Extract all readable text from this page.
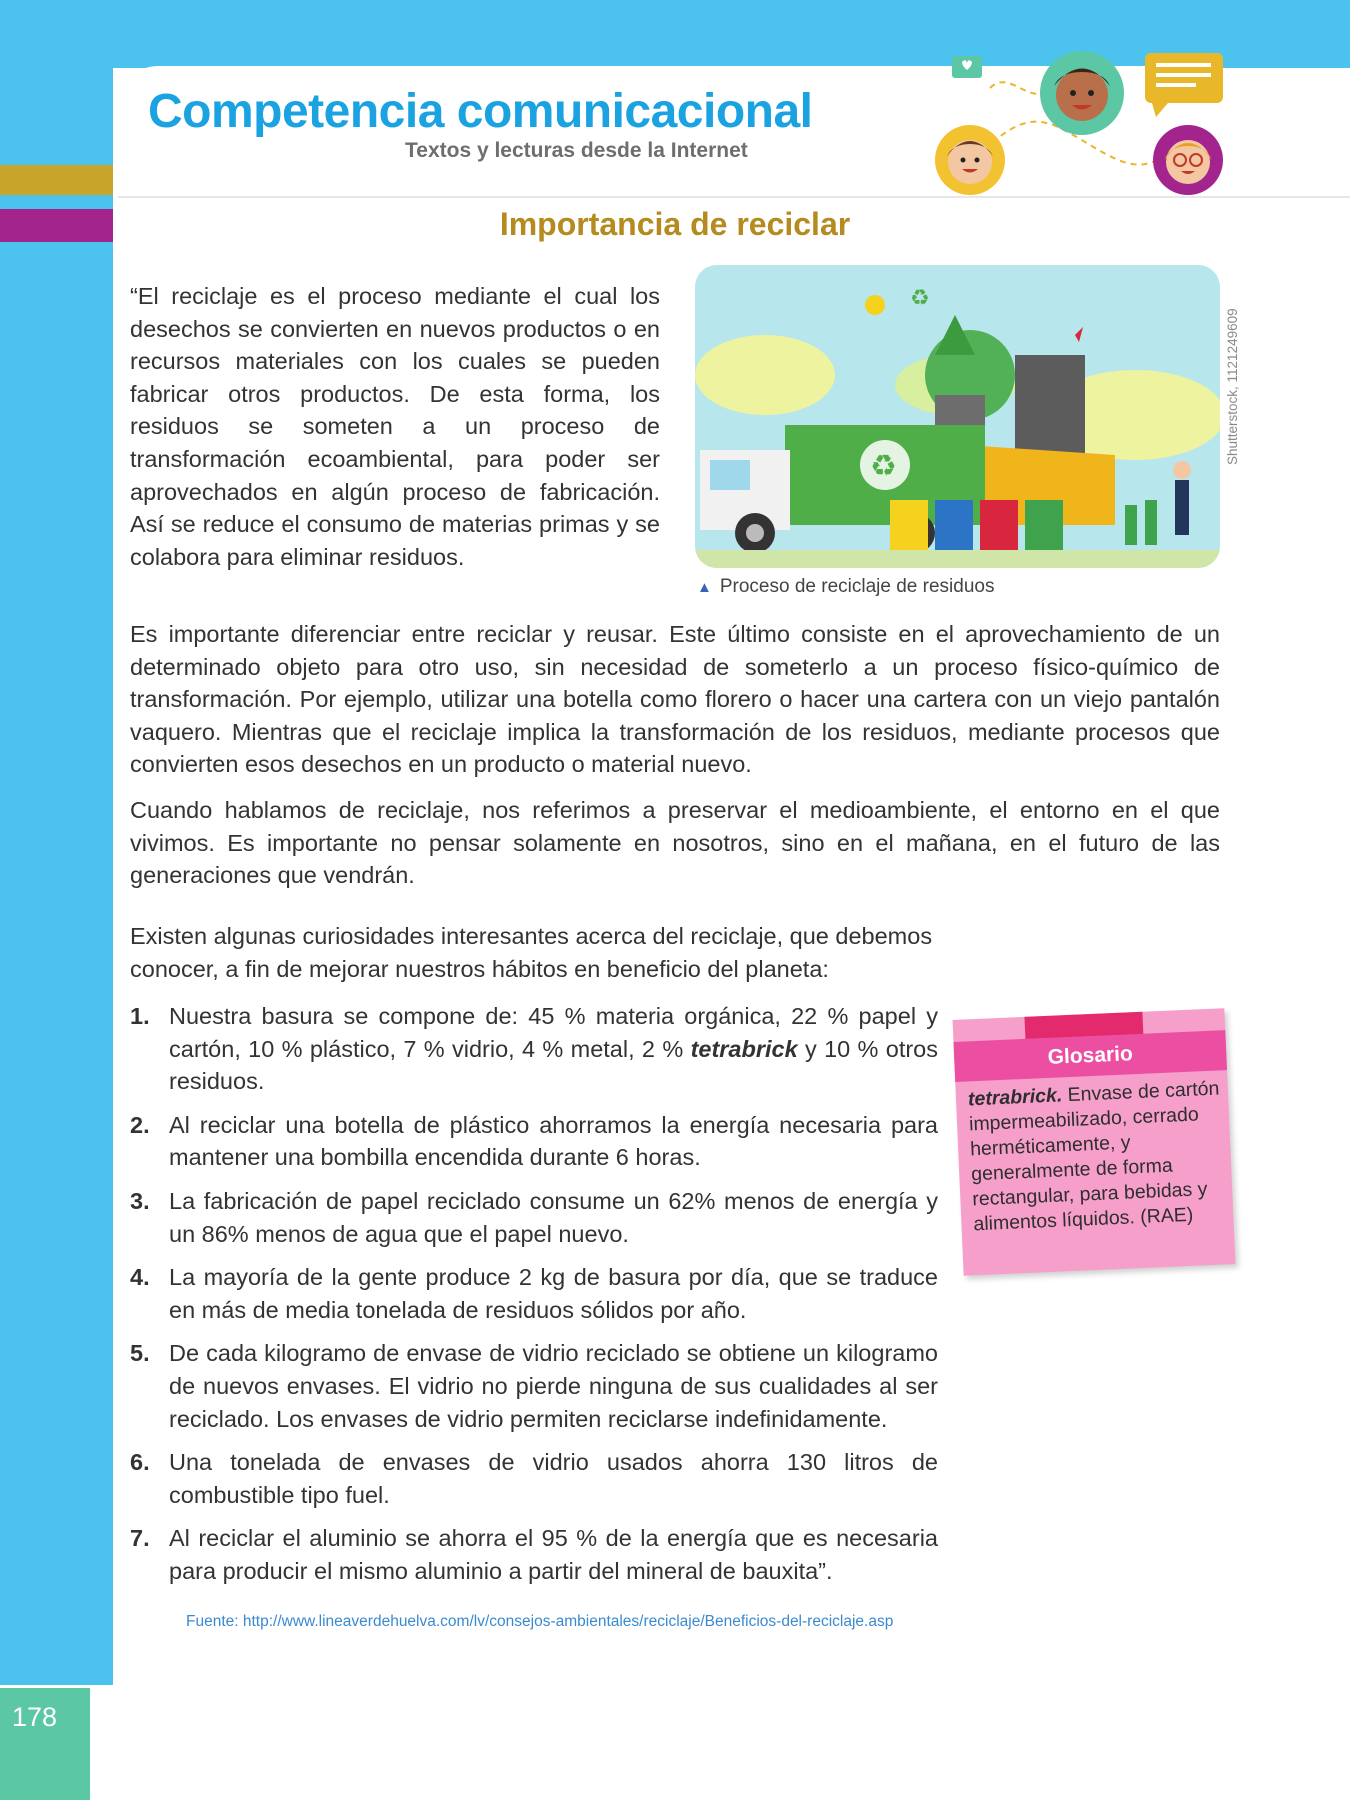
Competencia comunicacional
Textos y lecturas desde la Internet
Importancia de reciclar
“El reciclaje es el proceso mediante el cual los desechos se convierten en nuevos productos o en recursos materiales con los cuales se pueden fabricar otros productos. De esta forma, los residuos se someten a un proceso de transformación ecoambiental, para poder ser aprovechados en algún proceso de fabricación. Así se reduce el consumo de materias primas y se colabora para eliminar residuos.
♻
♻
Shutterstock, 1121249609
▲ Proceso de reciclaje de residuos
Es importante diferenciar entre reciclar y reusar. Este último consiste en el aprovechamiento de un determinado objeto para otro uso, sin necesidad de someterlo a un proceso físico-químico de transformación. Por ejemplo, utilizar una botella como florero o hacer una cartera con un viejo pantalón vaquero. Mientras que el reciclaje implica la transformación de los residuos, mediante procesos que convierten esos desechos en un producto o material nuevo.
Cuando hablamos de reciclaje, nos referimos a preservar el medioambiente, el entorno en el que vivimos. Es importante no pensar solamente en nosotros, sino en el mañana, en el futuro de las generaciones que vendrán.
Existen algunas curiosidades interesantes acerca del reciclaje, que debemos conocer, a fin de mejorar nuestros hábitos en beneficio del planeta:
1. Nuestra basura se compone de: 45 % materia orgánica, 22 % papel y cartón, 10 % plástico, 7 % vidrio, 4 % metal, 2 % tetrabrick y 10 % otros residuos.
2. Al reciclar una botella de plástico ahorramos la energía necesaria para mantener una bombilla encendida durante 6 horas.
3. La fabricación de papel reciclado consume un 62% menos de energía y un 86% menos de agua que el papel nuevo.
4. La mayoría de la gente produce 2 kg de basura por día, que se traduce en más de media tonelada de residuos sólidos por año.
5. De cada kilogramo de envase de vidrio reciclado se obtiene un kilogramo de nuevos envases. El vidrio no pierde ninguna de sus cualidades al ser reciclado. Los envases de vidrio permiten reciclarse indefinidamente.
6. Una tonelada de envases de vidrio usados ahorra 130 litros de combustible tipo fuel.
7. Al reciclar el aluminio se ahorra el 95 % de la energía que es necesaria para producir el mismo aluminio a partir del mineral de bauxita”.
Fuente: http://www.lineaverdehuelva.com/lv/consejos-ambientales/reciclaje/Beneficios-del-reciclaje.asp
Glosario
tetrabrick. Envase de cartón impermeabilizado, cerrado herméticamente, y generalmente de forma rectangular, para bebidas y alimentos líquidos. (RAE)
178
